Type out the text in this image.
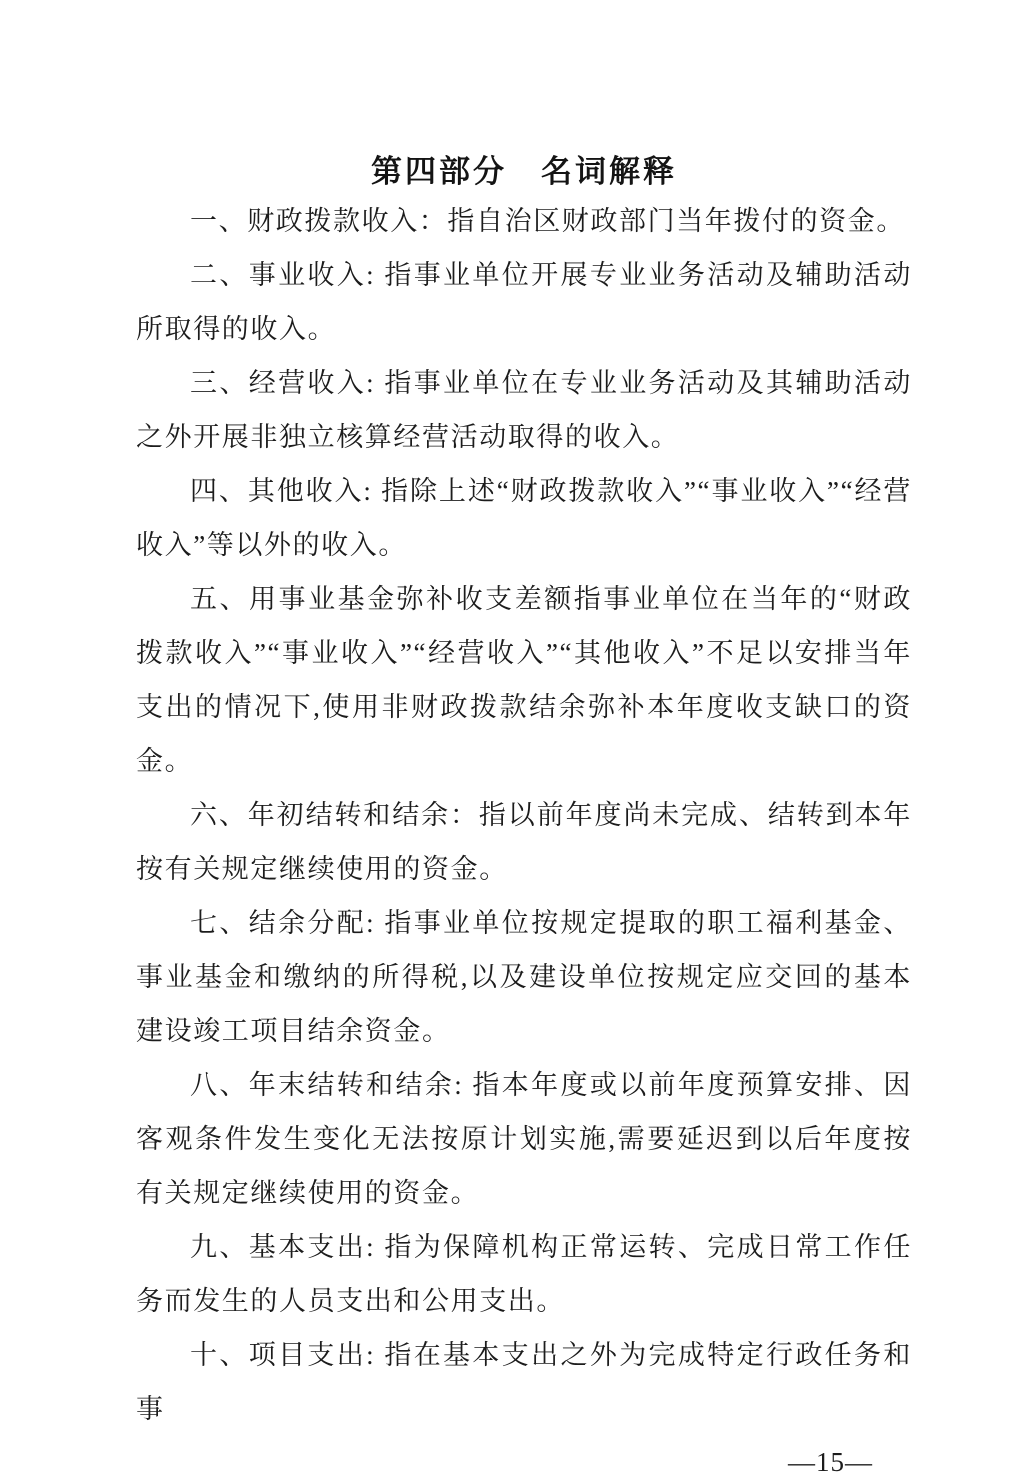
第四部分　名词解释

一、财政拨款收入：指自治区财政部门当年拨付的资金。

二、事业收入: 指事业单位开展专业业务活动及辅助活动所取得的收入。

三、经营收入: 指事业单位在专业业务活动及其辅助活动之外开展非独立核算经营活动取得的收入。

四、其他收入: 指除上述“财政拨款收入”“事业收入”“经营收入”等以外的收入。

五、用事业基金弥补收支差额指事业单位在当年的“财政拨款收入”“事业收入”“经营收入”“其他收入”不足以安排当年支出的情况下,使用非财政拨款结余弥补本年度收支缺口的资金。

六、年初结转和结余：指以前年度尚未完成、结转到本年按有关规定继续使用的资金。

七、结余分配: 指事业单位按规定提取的职工福利基金、事业基金和缴纳的所得税,以及建设单位按规定应交回的基本建设竣工项目结余资金。

八、年末结转和结余: 指本年度或以前年度预算安排、因客观条件发生变化无法按原计划实施,需要延迟到以后年度按有关规定继续使用的资金。

九、基本支出: 指为保障机构正常运转、完成日常工作任务而发生的人员支出和公用支出。

十、项目支出: 指在基本支出之外为完成特定行政任务和事

—15—
